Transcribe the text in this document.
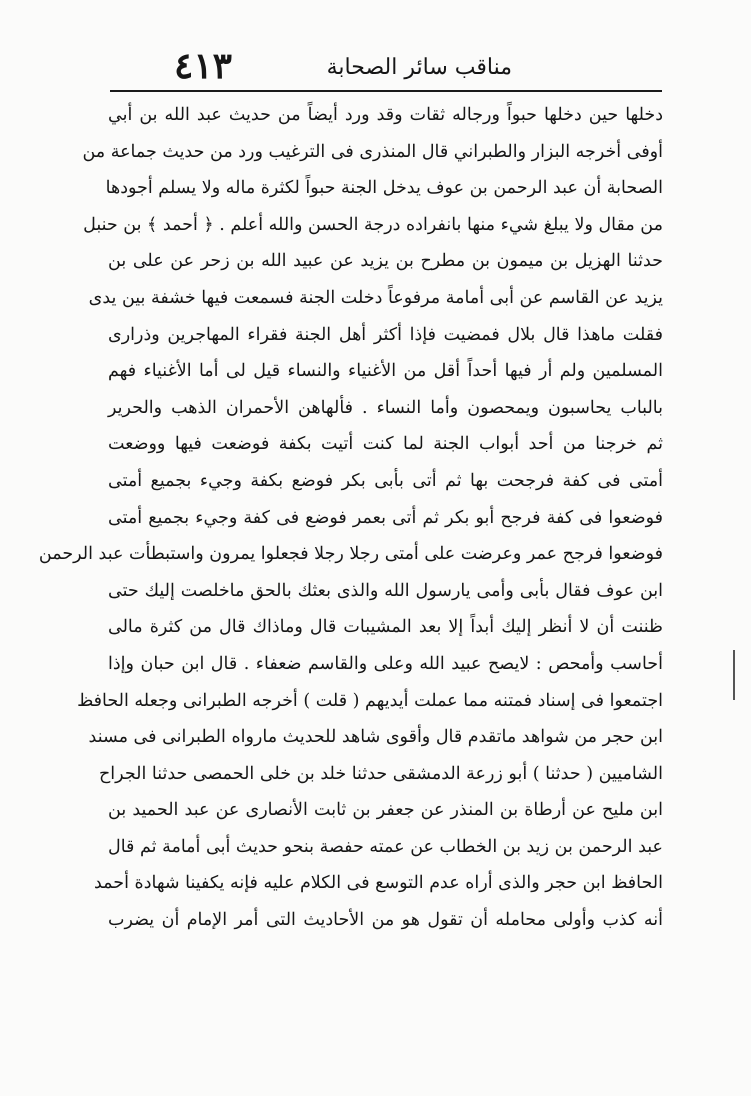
٤١٣	مناقب سائر الصحابة
دخلها حين دخلها حبواً ورجاله ثقات وقد ورد أيضاً من حديث عبد الله بن أبي
أوفى أخرجه البزار والطبراني قال المنذرى فى الترغيب ورد من حديث جماعة من
الصحابة أن عبد الرحمن بن عوف يدخل الجنة حبواً لكثرة ماله ولا يسلم أجودها
من مقال ولا يبلغ شيء منها بانفراده درجة الحسن والله أعلم . ﴿ أحمد ﴾ بن حنبل
حدثنا الهزيل بن ميمون بن مطرح بن يزيد عن عبيد الله بن زحر عن على بن
يزيد عن القاسم عن أبى أمامة مرفوعاً دخلت الجنة فسمعت فيها خشفة بين يدى
فقلت ماهذا قال بلال فمضيت فإذا أكثر أهل الجنة فقراء المهاجرين وذرارى
المسلمين ولم أر فيها أحداً أقل من الأغنياء والنساء قيل لى أما الأغنياء فهم
بالباب يحاسبون ويمحصون وأما النساء . فألهاهن الأحمران الذهب والحرير
ثم خرجنا من أحد أبواب الجنة لما كنت أتيت بكفة فوضعت فيها ووضعت
أمتى فى كفة فرجحت بها ثم أتى بأبى بكر فوضع بكفة وجيء بجميع أمتى
فوضعوا فى كفة فرجح أبو بكر ثم أتى بعمر فوضع فى كفة وجيء بجميع أمتى
فوضعوا فرجح عمر وعرضت على أمتى رجلا رجلا فجعلوا يمرون واستبطأت عبد الرحمن
ابن عوف فقال بأبى وأمى يارسول الله والذى بعثك بالحق ماخلصت إليك حتى
ظننت أن لا أنظر إليك أبداً إلا بعد المشيبات قال وماذاك قال من كثرة مالى
أحاسب وأمحص : لايصح عبيد الله وعلى والقاسم ضعفاء . قال ابن حبان وإذا
اجتمعوا فى إسناد فمتنه مما عملت أيديهم ( قلت ) أخرجه الطبرانى وجعله الحافظ
ابن حجر من شواهد ماتقدم قال وأقوى شاهد للحديث مارواه الطبرانى فى مسند
الشاميين ( حدثنا ) أبو زرعة الدمشقى حدثنا خلد بن خلى الحمصى حدثنا الجراح
ابن مليح عن أرطاة بن المنذر عن جعفر بن ثابت الأنصارى عن عبد الحميد بن
عبد الرحمن بن زيد بن الخطاب عن عمته حفصة بنحو حديث أبى أمامة ثم قال
الحافظ ابن حجر والذى أراه عدم التوسع فى الكلام عليه فإنه يكفينا شهادة أحمد
أنه كذب وأولى محامله أن تقول هو من الأحاديث التى أمر الإمام أن يضرب
